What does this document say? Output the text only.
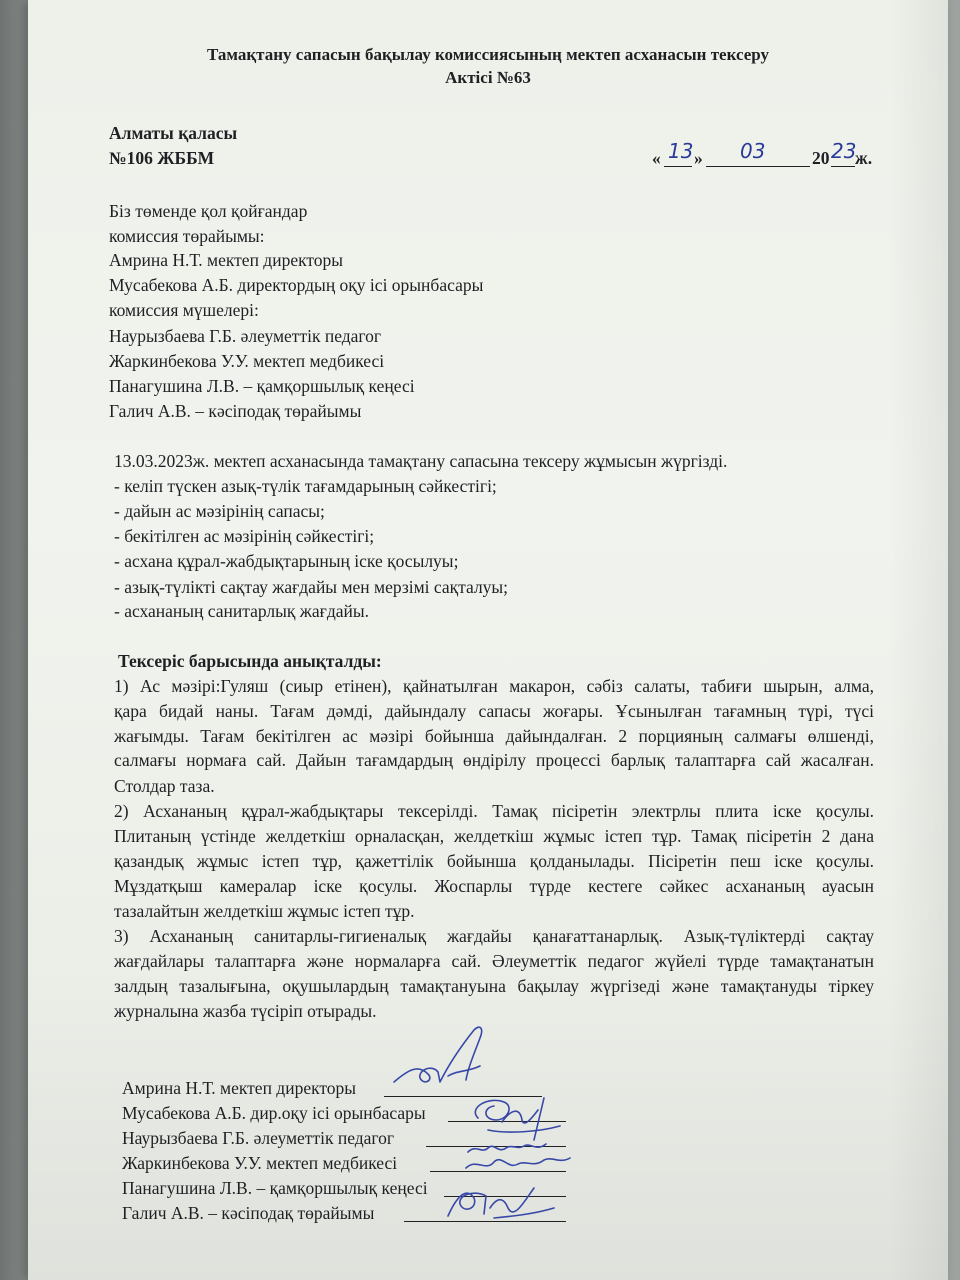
Тамақтану сапасын бақылау комиссиясының мектеп асханасын тексеру
Актісі №63
Алматы қаласы
№106 ЖББМ	« 13 » 03	20 23
ж.
Біз төменде қол қойғандар
комиссия төрайымы:
Амрина Н.Т. мектеп директоры
Мусабекова А.Б. директордың оқу ісі орынбасары
комиссия мүшелері:
Наурызбаева Г.Б. әлеуметтік педагог
Жаркинбекова У.У. мектеп медбикесі
Панагушина Л.В. – қамқоршылық кеңесі
Галич А.В. – кәсіподақ төрайымы
13.03.2023ж. мектеп асханасында тамақтану сапасына тексеру жұмысын жүргізді.
- келіп түскен азық-түлік тағамдарының сәйкестігі;
- дайын ас мәзірінің сапасы;
- бекітілген ас мәзірінің сәйкестігі;
- асхана құрал-жабдықтарының іске қосылуы;
- азық-түлікті сақтау жағдайы мен мерзімі сақталуы;
- асхананың санитарлық жағдайы.
Тексеріс барысында анықталды:
1) Ас мәзірі:Гуляш (сиыр етінен), қайнатылған макарон, сәбіз салаты, табиғи шырын, алма,
қара бидай наны. Тағам дәмді, дайындалу сапасы жоғары. Ұсынылған тағамның түрі, түсі
жағымды. Тағам бекітілген ас мәзірі бойынша дайындалған. 2 порцияның салмағы өлшенді,
салмағы нормаға сай. Дайын тағамдардың өндірілу процессі барлық талаптарға сай жасалған.
Столдар таза.
2) Асхананың құрал-жабдықтары тексерілді. Тамақ пісіретін электрлы плита іске қосулы.
Плитаның үстінде желдеткіш орналасқан, желдеткіш жұмыс істеп тұр. Тамақ пісіретін 2 дана
қазандық жұмыс істеп тұр, қажеттілік бойынша қолданылады. Пісіретін пеш іске қосулы.
Мұздатқыш камералар іске қосулы. Жоспарлы түрде кестеге сәйкес асхананың ауасын
тазалайтын желдеткіш жұмыс істеп тұр.
3) Асхананың санитарлы-гигиеналық жағдайы қанағаттанарлық. Азық-түліктерді сақтау
жағдайлары талаптарға және нормаларға сай. Әлеуметтік педагог жүйелі түрде тамақтанатын
залдың тазалығына, оқушылардың тамақтануына бақылау жүргізеді және тамақтануды тіркеу
журналына жазба түсіріп отырады.
Амрина Н.Т. мектеп директоры
Мусабекова А.Б. дир.оқу ісі орынбасары
Наурызбаева Г.Б. әлеуметтік педагог
Жаркинбекова У.У. мектеп медбикесі
Панагушина Л.В. – қамқоршылық кеңесі
Галич А.В. – кәсіподақ төрайымы
